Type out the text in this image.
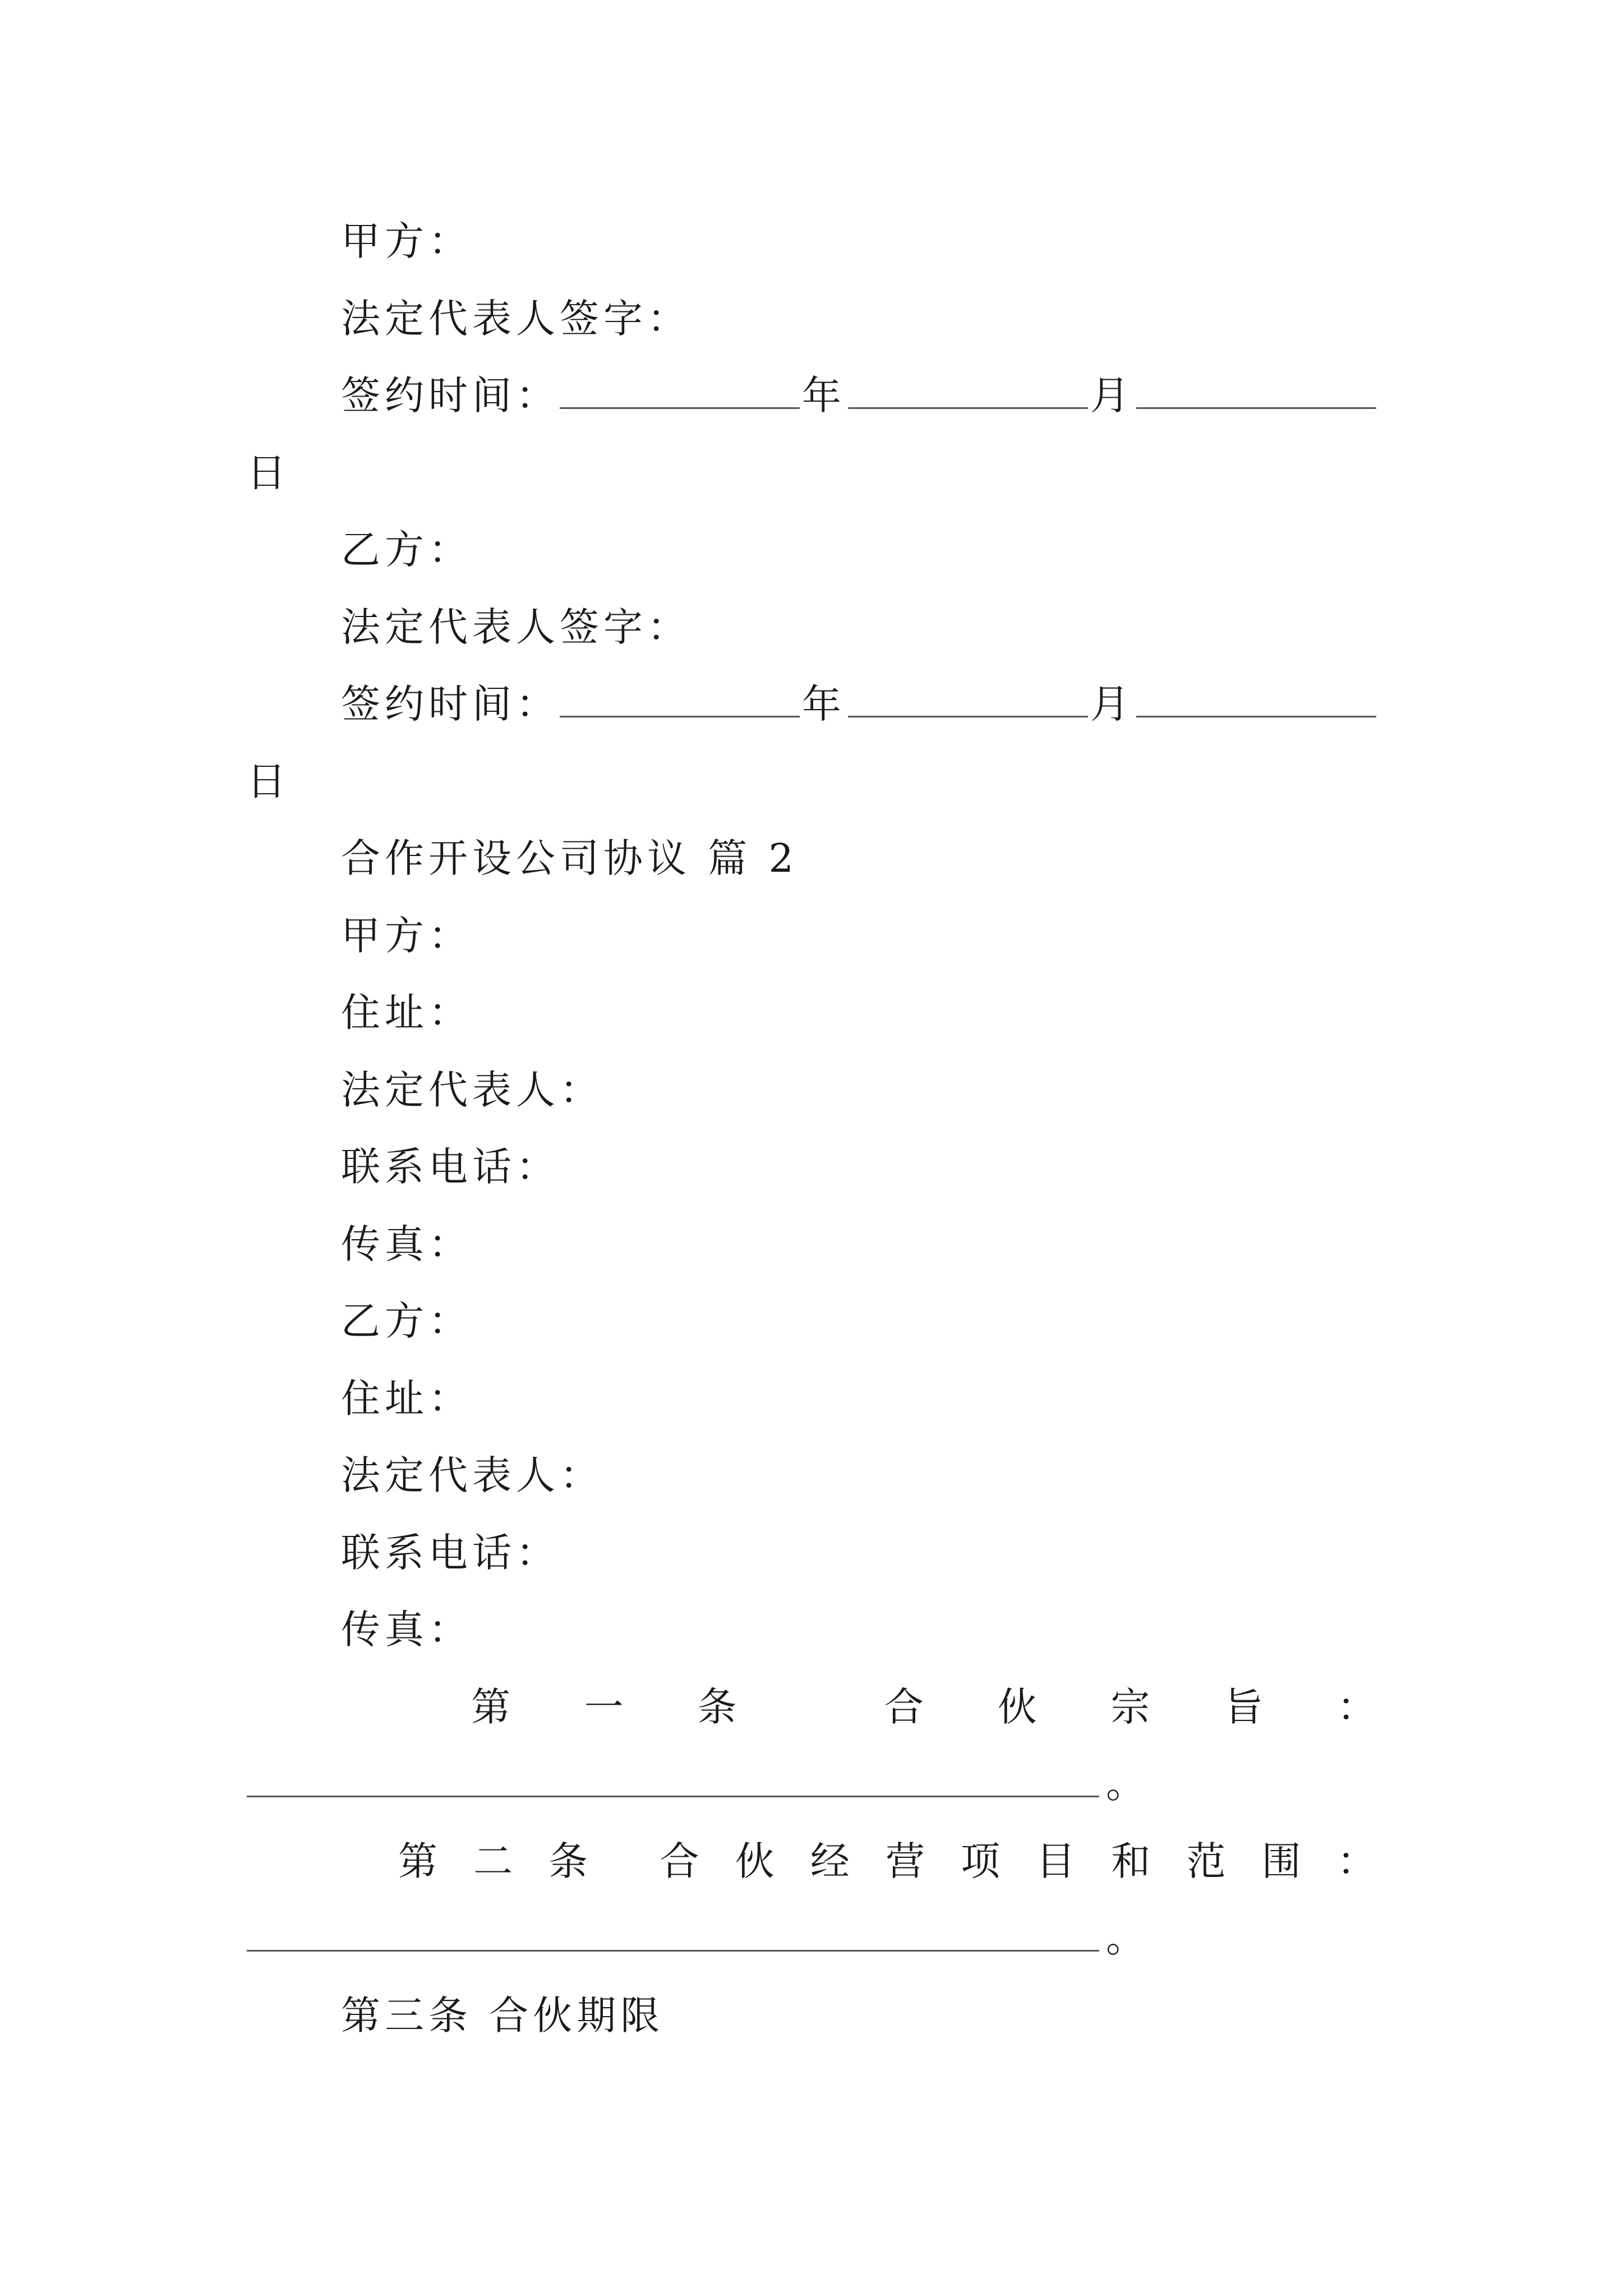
甲方：
法定代表人签字：
签约时间：	年	月
日
乙方：
法定代表人签字：
签约时间：	年	月
日
合作开设公司协议 篇 2
甲方：
住址：
法定代表人：
联系电话：
传真：
乙方：
住址：
法定代表人：
联系电话：
传真：
第 一 条	合 伙 宗 旨 ：
。
第 二 条 合 伙 经 营 项 目 和 范 围 ：
。
第三条 合伙期限
